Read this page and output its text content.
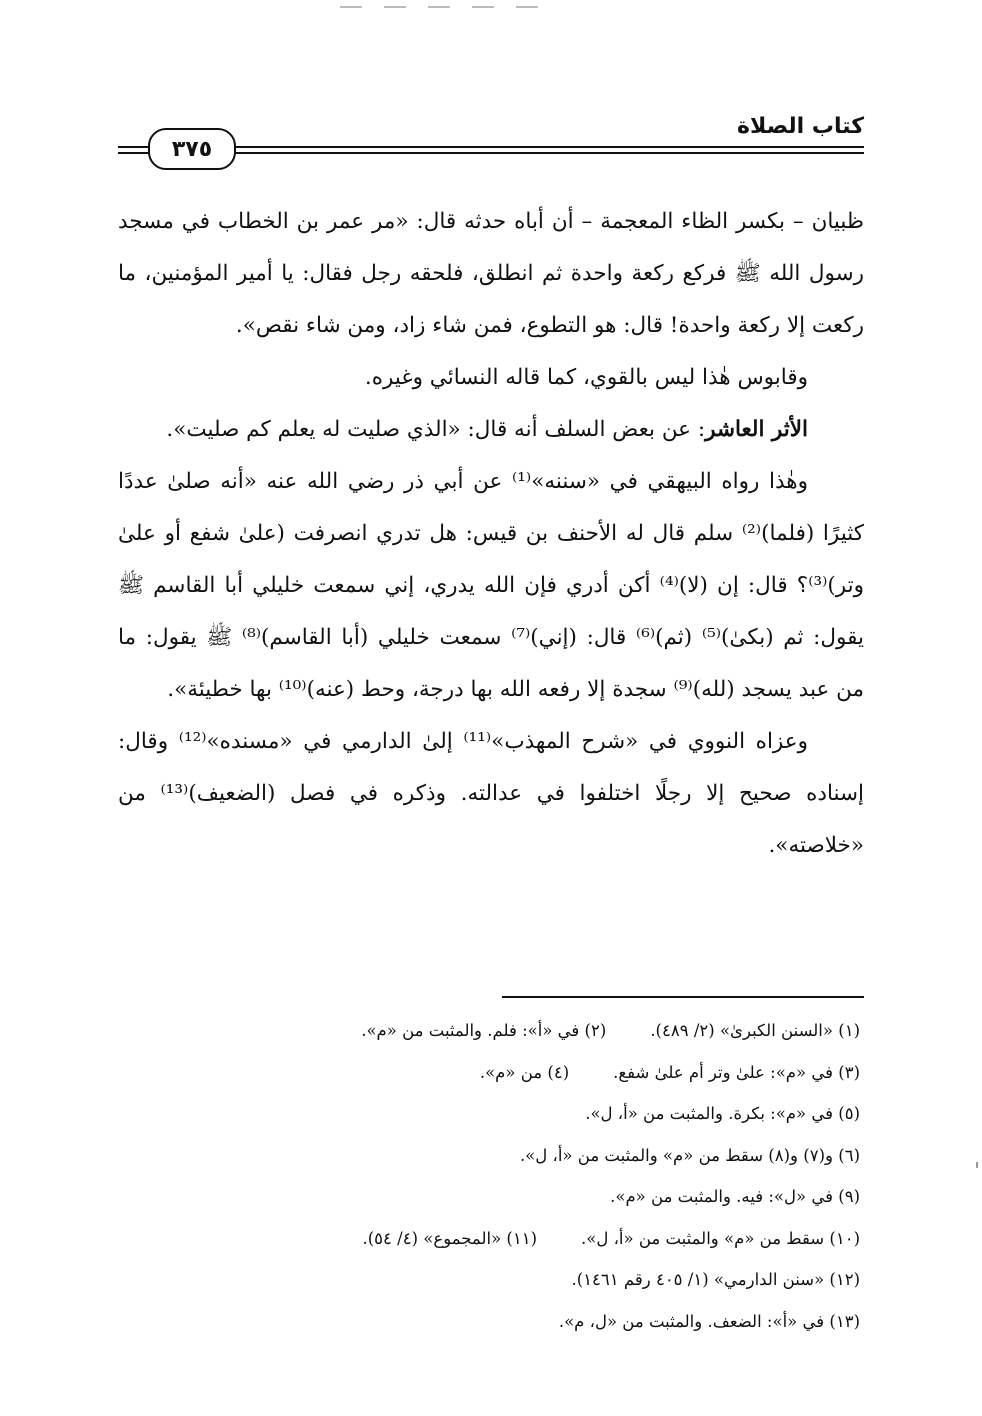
كتاب الصلاة
٣٧٥

ظبيان – بكسر الظاء المعجمة – أن أباه حدثه قال: «مر عمر بن الخطاب في مسجد رسول الله ﷺ فركع ركعة واحدة ثم انطلق، فلحقه رجل فقال: يا أمير المؤمنين، ما ركعت إلا ركعة واحدة! قال: هو التطوع، فمن شاء زاد، ومن شاء نقص».

وقابوس هٰذا ليس بالقوي، كما قاله النسائي وغيره.

الأثر العاشر: عن بعض السلف أنه قال: «الذي صليت له يعلم كم صليت».

وهٰذا رواه البيهقي في «سننه»⁽¹⁾ عن أبي ذر رضي الله عنه «أنه صلىٰ عددًا كثيرًا (فلما)⁽²⁾ سلم قال له الأحنف بن قيس: هل تدري انصرفت (علىٰ شفع أو علىٰ وتر)⁽³⁾؟ قال: إن (لا)⁽⁴⁾ أكن أدري فإن الله يدري، إني سمعت خليلي أبا القاسم ﷺ يقول: ثم (بكىٰ)⁽⁵⁾ (ثم)⁽⁶⁾ قال: (إني)⁽⁷⁾ سمعت خليلي (أبا القاسم)⁽⁸⁾ ﷺ يقول: ما من عبد يسجد (لله)⁽⁹⁾ سجدة إلا رفعه الله بها درجة، وحط (عنه)⁽¹⁰⁾ بها خطيئة».

وعزاه النووي في «شرح المهذب»⁽¹¹⁾ إلىٰ الدارمي في «مسنده»⁽¹²⁾ وقال: إسناده صحيح إلا رجلًا اختلفوا في عدالته. وذكره في فصل (الضعيف)⁽¹³⁾ من «خلاصته».

(١) «السنن الكبرىٰ» (٢/ ٤٨٩).
(٢) في «أ»: فلم. والمثبت من «م».
(٣) في «م»: علىٰ وتر أم علىٰ شفع.
(٤) من «م».
(٥) في «م»: بكرة. والمثبت من «أ، ل».
(٦) و(٧) و(٨) سقط من «م» والمثبت من «أ، ل».
(٩) في «ل»: فيه. والمثبت من «م».
(١٠) سقط من «م» والمثبت من «أ، ل».
(١١) «المجموع» (٤/ ٥٤).
(١٢) «سنن الدارمي» (١/ ٤٠٥ رقم ١٤٦١).
(١٣) في «أ»: الضعف. والمثبت من «ل، م».
